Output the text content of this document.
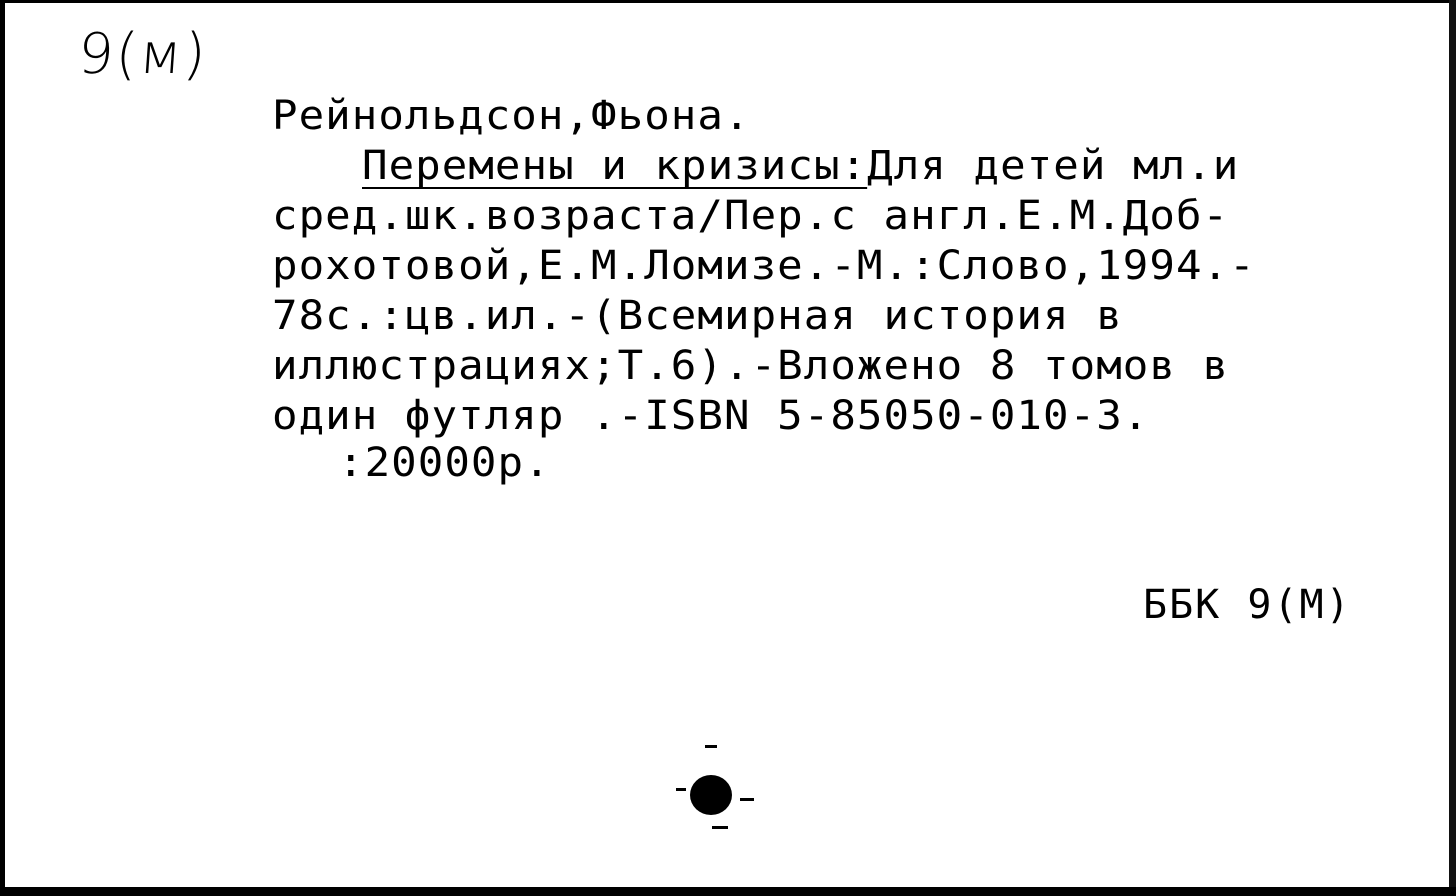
9(м)
Рейнольдсон,Фьона.
Перемены и кризисы:Для детей мл.и
сред.шк.возраста/Пер.с англ.Е.М.Доб-
рохотовой,Е.М.Ломизе.-М.:Слово,1994.-
78с.:цв.ил.-(Всемирная история в
иллюстрациях;Т.6).-Вложено 8 томов в
один футляр .-ISBN 5-85050-010-3.
:20000р.
ББК 9(М)
